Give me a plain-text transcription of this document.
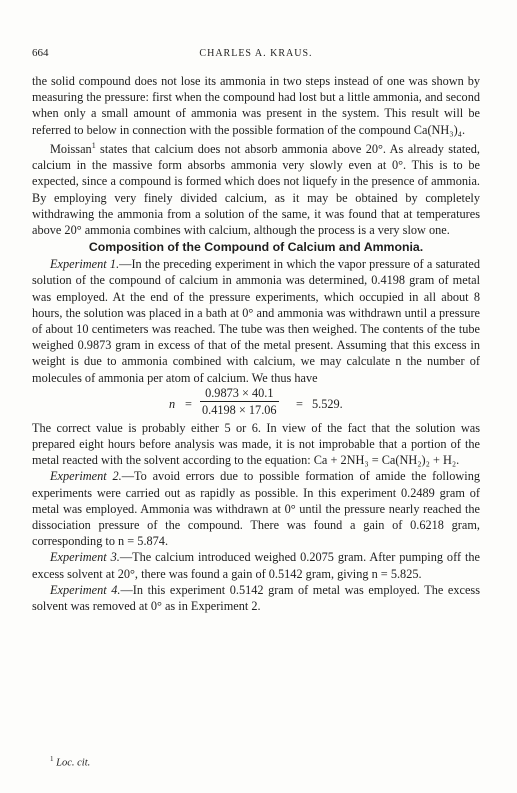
664	CHARLES A. KRAUS.

the solid compound does not lose its ammonia in two steps instead of one was shown by measuring the pressure: first when the compound had lost but a little ammonia, and second when only a small amount of ammonia was present in the system. This result will be referred to below in connection with the possible formation of the compound Ca(NH₃)₄.

Moissan$^1$ states that calcium does not absorb ammonia above 20°. As already stated, calcium in the massive form absorbs ammonia very slowly even at 0°. This is to be expected, since a compound is formed which does not liquefy in the presence of ammonia. By employing very finely divided calcium, as it may be obtained by completely withdrawing the ammonia from a solution of the same, it was found that at temperatures above 20° ammonia combines with calcium, although the process is a very slow one.

Composition of the Compound of Calcium and Ammonia.

Experiment 1.—In the preceding experiment in which the vapor pressure of a saturated solution of the compound of calcium in ammonia was determined, 0.4198 gram of metal was employed. At the end of the pressure experiments, which occupied in all about 8 hours, the solution was placed in a bath at 0° and ammonia was withdrawn until a pressure of about 10 centimeters was reached. The tube was then weighed. The contents of the tube weighed 0.9873 gram in excess of that of the metal present. Assuming that this excess in weight is due to ammonia combined with calcium, we may calculate n the number of molecules of ammonia per atom of calcium. We thus have

$n = \frac{0.9873 \times 40.1}{0.4198 \times 17.06} = 5.529$.

The correct value is probably either 5 or 6. In view of the fact that the solution was prepared eight hours before analysis was made, it is not improbable that a portion of the metal reacted with the solvent according to the equation: Ca + 2NH₃ = Ca(NH₂)₂ + H₂.

Experiment 2.—To avoid errors due to possible formation of amide the following experiments were carried out as rapidly as possible. In this experiment 0.2489 gram of metal was employed. Ammonia was withdrawn at 0° until the pressure nearly reached the dissociation pressure of the compound. There was found a gain of 0.6218 gram, corresponding to n = 5.874.

Experiment 3.—The calcium introduced weighed 0.2075 gram. After pumping off the excess solvent at 20°, there was found a gain of 0.5142 gram, giving n = 5.825.

Experiment 4.—In this experiment 0.5142 gram of metal was employed. The excess solvent was removed at 0° as in Experiment 2.

$^1$ Loc. cit.
